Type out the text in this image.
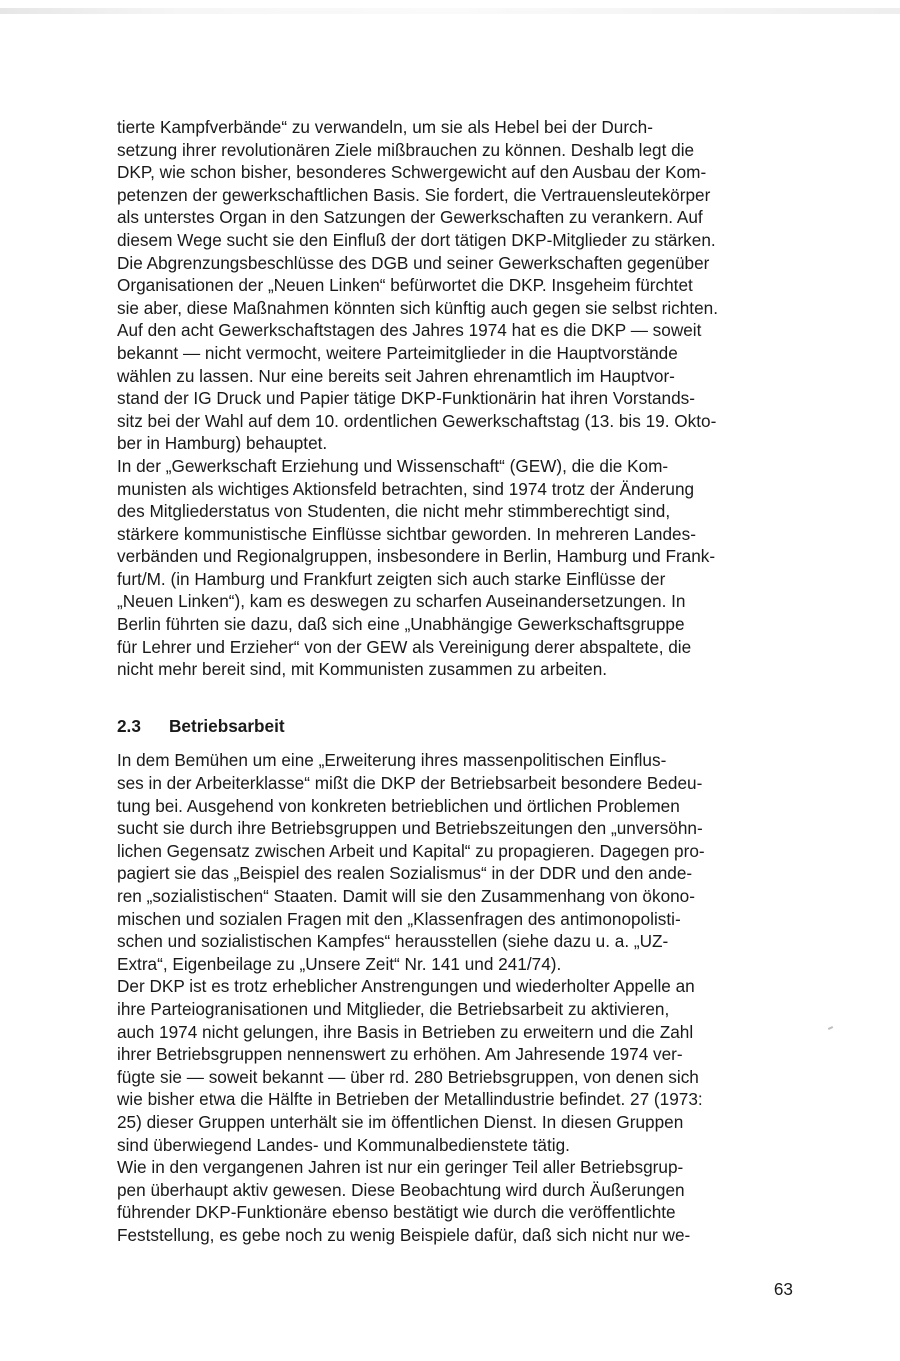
tierte Kampfverbände“ zu verwandeln, um sie als Hebel bei der Durch-
setzung ihrer revolutionären Ziele mißbrauchen zu können. Deshalb legt die
DKP, wie schon bisher, besonderes Schwergewicht auf den Ausbau der Kom-
petenzen der gewerkschaftlichen Basis. Sie fordert, die Vertrauensleutekörper
als unterstes Organ in den Satzungen der Gewerkschaften zu verankern. Auf
diesem Wege sucht sie den Einfluß der dort tätigen DKP-Mitglieder zu stärken.
Die Abgrenzungsbeschlüsse des DGB und seiner Gewerkschaften gegenüber
Organisationen der „Neuen Linken“ befürwortet die DKP. Insgeheim fürchtet
sie aber, diese Maßnahmen könnten sich künftig auch gegen sie selbst richten.
Auf den acht Gewerkschaftstagen des Jahres 1974 hat es die DKP — soweit
bekannt — nicht vermocht, weitere Parteimitglieder in die Hauptvorstände
wählen zu lassen. Nur eine bereits seit Jahren ehrenamtlich im Hauptvor-
stand der IG Druck und Papier tätige DKP-Funktionärin hat ihren Vorstands-
sitz bei der Wahl auf dem 10. ordentlichen Gewerkschaftstag (13. bis 19. Okto-
ber in Hamburg) behauptet.

In der „Gewerkschaft Erziehung und Wissenschaft“ (GEW), die die Kom-
munisten als wichtiges Aktionsfeld betrachten, sind 1974 trotz der Änderung
des Mitgliederstatus von Studenten, die nicht mehr stimmberechtigt sind,
stärkere kommunistische Einflüsse sichtbar geworden. In mehreren Landes-
verbänden und Regionalgruppen, insbesondere in Berlin, Hamburg und Frank-
furt/M. (in Hamburg und Frankfurt zeigten sich auch starke Einflüsse der
„Neuen Linken“), kam es deswegen zu scharfen Auseinandersetzungen. In
Berlin führten sie dazu, daß sich eine „Unabhängige Gewerkschaftsgruppe
für Lehrer und Erzieher“ von der GEW als Vereinigung derer abspaltete, die
nicht mehr bereit sind, mit Kommunisten zusammen zu arbeiten.

2.3 Betriebsarbeit

In dem Bemühen um eine „Erweiterung ihres massenpolitischen Einflus-
ses in der Arbeiterklasse“ mißt die DKP der Betriebsarbeit besondere Bedeu-
tung bei. Ausgehend von konkreten betrieblichen und örtlichen Problemen
sucht sie durch ihre Betriebsgruppen und Betriebszeitungen den „unversöhn-
lichen Gegensatz zwischen Arbeit und Kapital“ zu propagieren. Dagegen pro-
pagiert sie das „Beispiel des realen Sozialismus“ in der DDR und den ande-
ren „sozialistischen“ Staaten. Damit will sie den Zusammenhang von ökono-
mischen und sozialen Fragen mit den „Klassenfragen des antimonopolisti-
schen und sozialistischen Kampfes“ herausstellen (siehe dazu u. a. „UZ-
Extra“, Eigenbeilage zu „Unsere Zeit“ Nr. 141 und 241/74).

Der DKP ist es trotz erheblicher Anstrengungen und wiederholter Appelle an
ihre Parteiogranisationen und Mitglieder, die Betriebsarbeit zu aktivieren,
auch 1974 nicht gelungen, ihre Basis in Betrieben zu erweitern und die Zahl
ihrer Betriebsgruppen nennenswert zu erhöhen. Am Jahresende 1974 ver-
fügte sie — soweit bekannt — über rd. 280 Betriebsgruppen, von denen sich
wie bisher etwa die Hälfte in Betrieben der Metallindustrie befindet. 27 (1973:
25) dieser Gruppen unterhält sie im öffentlichen Dienst. In diesen Gruppen
sind überwiegend Landes- und Kommunalbedienstete tätig.

Wie in den vergangenen Jahren ist nur ein geringer Teil aller Betriebsgrup-
pen überhaupt aktiv gewesen. Diese Beobachtung wird durch Äußerungen
führender DKP-Funktionäre ebenso bestätigt wie durch die veröffentlichte
Feststellung, es gebe noch zu wenig Beispiele dafür, daß sich nicht nur we-

63
